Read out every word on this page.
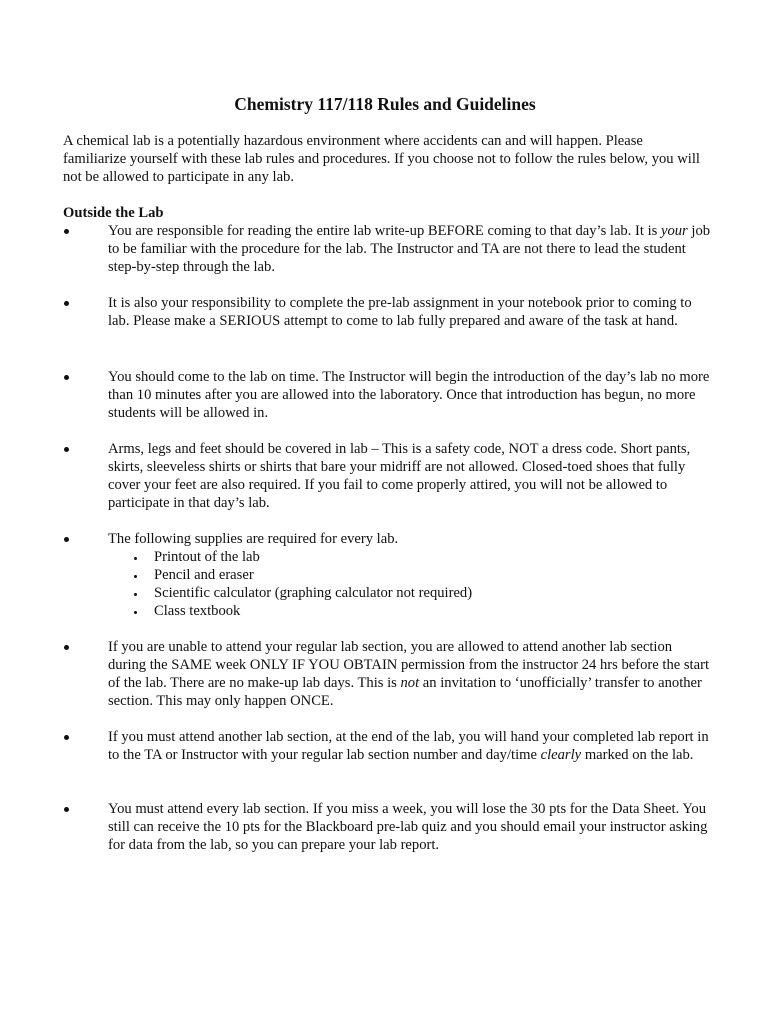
Chemistry 117/118 Rules and Guidelines
A chemical lab is a potentially hazardous environment where accidents can and will happen. Please familiarize yourself with these lab rules and procedures. If you choose not to follow the rules below, you will not be allowed to participate in any lab.
Outside the Lab
You are responsible for reading the entire lab write-up BEFORE coming to that day’s lab. It is your job to be familiar with the procedure for the lab. The Instructor and TA are not there to lead the student step-by-step through the lab.
It is also your responsibility to complete the pre-lab assignment in your notebook prior to coming to lab. Please make a SERIOUS attempt to come to lab fully prepared and aware of the task at hand.
You should come to the lab on time. The Instructor will begin the introduction of the day’s lab no more than 10 minutes after you are allowed into the laboratory. Once that introduction has begun, no more students will be allowed in.
Arms, legs and feet should be covered in lab – This is a safety code, NOT a dress code. Short pants, skirts, sleeveless shirts or shirts that bare your midriff are not allowed. Closed-toed shoes that fully cover your feet are also required. If you fail to come properly attired, you will not be allowed to participate in that day’s lab.
The following supplies are required for every lab.
Printout of the lab
Pencil and eraser
Scientific calculator (graphing calculator not required)
Class textbook
If you are unable to attend your regular lab section, you are allowed to attend another lab section during the SAME week ONLY IF YOU OBTAIN permission from the instructor 24 hrs before the start of the lab. There are no make-up lab days. This is not an invitation to ‘unofficially’ transfer to another section. This may only happen ONCE.
If you must attend another lab section, at the end of the lab, you will hand your completed lab report in to the TA or Instructor with your regular lab section number and day/time clearly marked on the lab.
You must attend every lab section. If you miss a week, you will lose the 30 pts for the Data Sheet. You still can receive the 10 pts for the Blackboard pre-lab quiz and you should email your instructor asking for data from the lab, so you can prepare your lab report.
